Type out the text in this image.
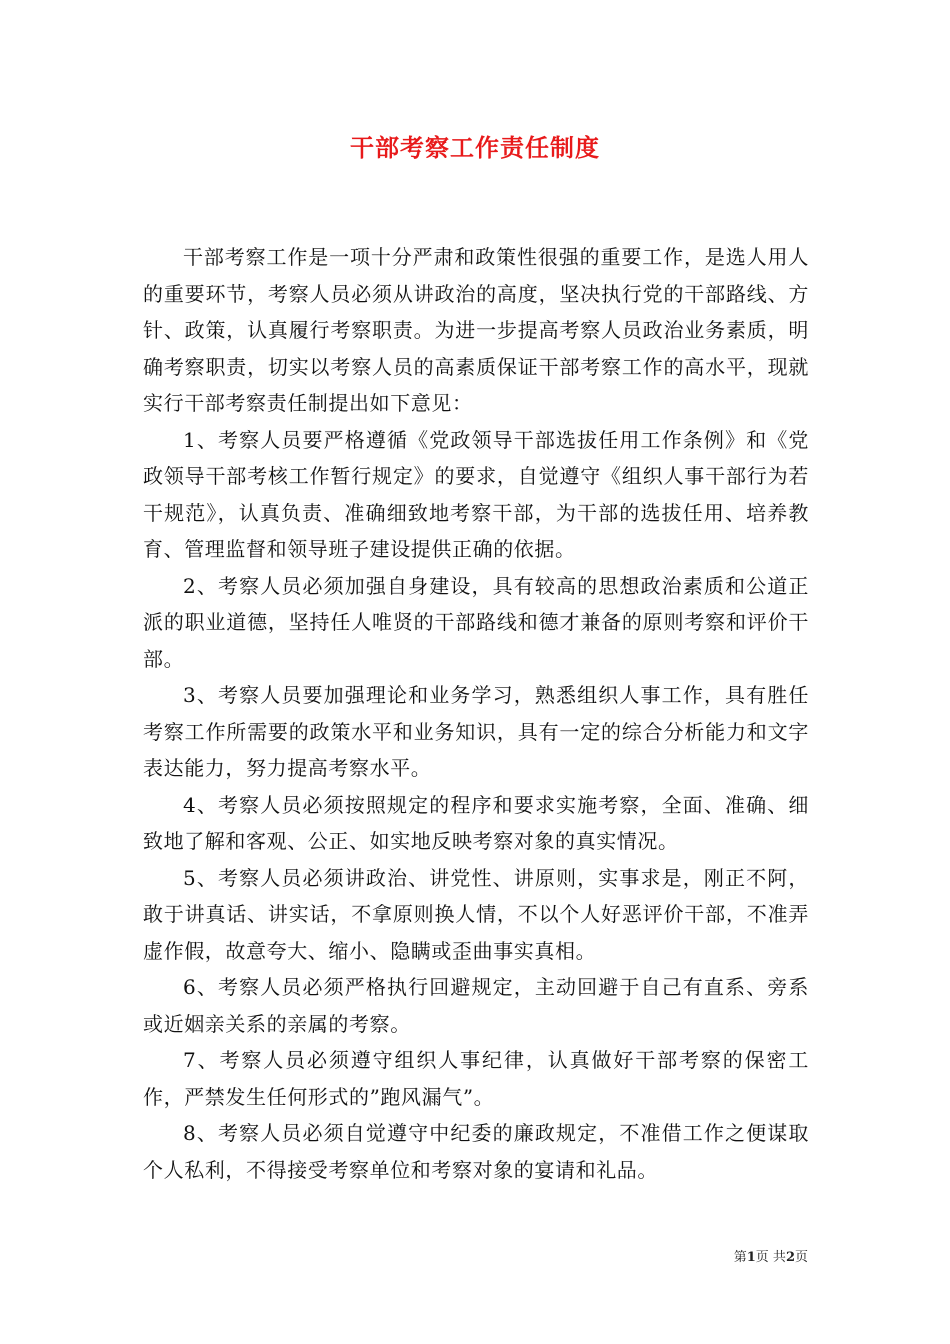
干部考察工作责任制度

干部考察工作是一项十分严肃和政策性很强的重要工作，是选人用人的重要环节，考察人员必须从讲政治的高度，坚决执行党的干部路线、方针、政策，认真履行考察职责。为进一步提高考察人员政治业务素质，明确考察职责，切实以考察人员的高素质保证干部考察工作的高水平，现就实行干部考察责任制提出如下意见：

1、考察人员要严格遵循《党政领导干部选拔任用工作条例》和《党政领导干部考核工作暂行规定》的要求，自觉遵守《组织人事干部行为若干规范》，认真负责、准确细致地考察干部，为干部的选拔任用、培养教育、管理监督和领导班子建设提供正确的依据。

2、考察人员必须加强自身建设，具有较高的思想政治素质和公道正派的职业道德，坚持任人唯贤的干部路线和德才兼备的原则考察和评价干部。

3、考察人员要加强理论和业务学习，熟悉组织人事工作，具有胜任考察工作所需要的政策水平和业务知识，具有一定的综合分析能力和文字表达能力，努力提高考察水平。

4、考察人员必须按照规定的程序和要求实施考察，全面、准确、细致地了解和客观、公正、如实地反映考察对象的真实情况。

5、考察人员必须讲政治、讲党性、讲原则，实事求是，刚正不阿，敢于讲真话、讲实话，不拿原则换人情，不以个人好恶评价干部，不准弄虚作假，故意夸大、缩小、隐瞒或歪曲事实真相。

6、考察人员必须严格执行回避规定，主动回避于自己有直系、旁系或近姻亲关系的亲属的考察。

7、考察人员必须遵守组织人事纪律，认真做好干部考察的保密工作，严禁发生任何形式的”跑风漏气”。

8、考察人员必须自觉遵守中纪委的廉政规定，不准借工作之便谋取个人私利，不得接受考察单位和考察对象的宴请和礼品。

第1页 共2页
